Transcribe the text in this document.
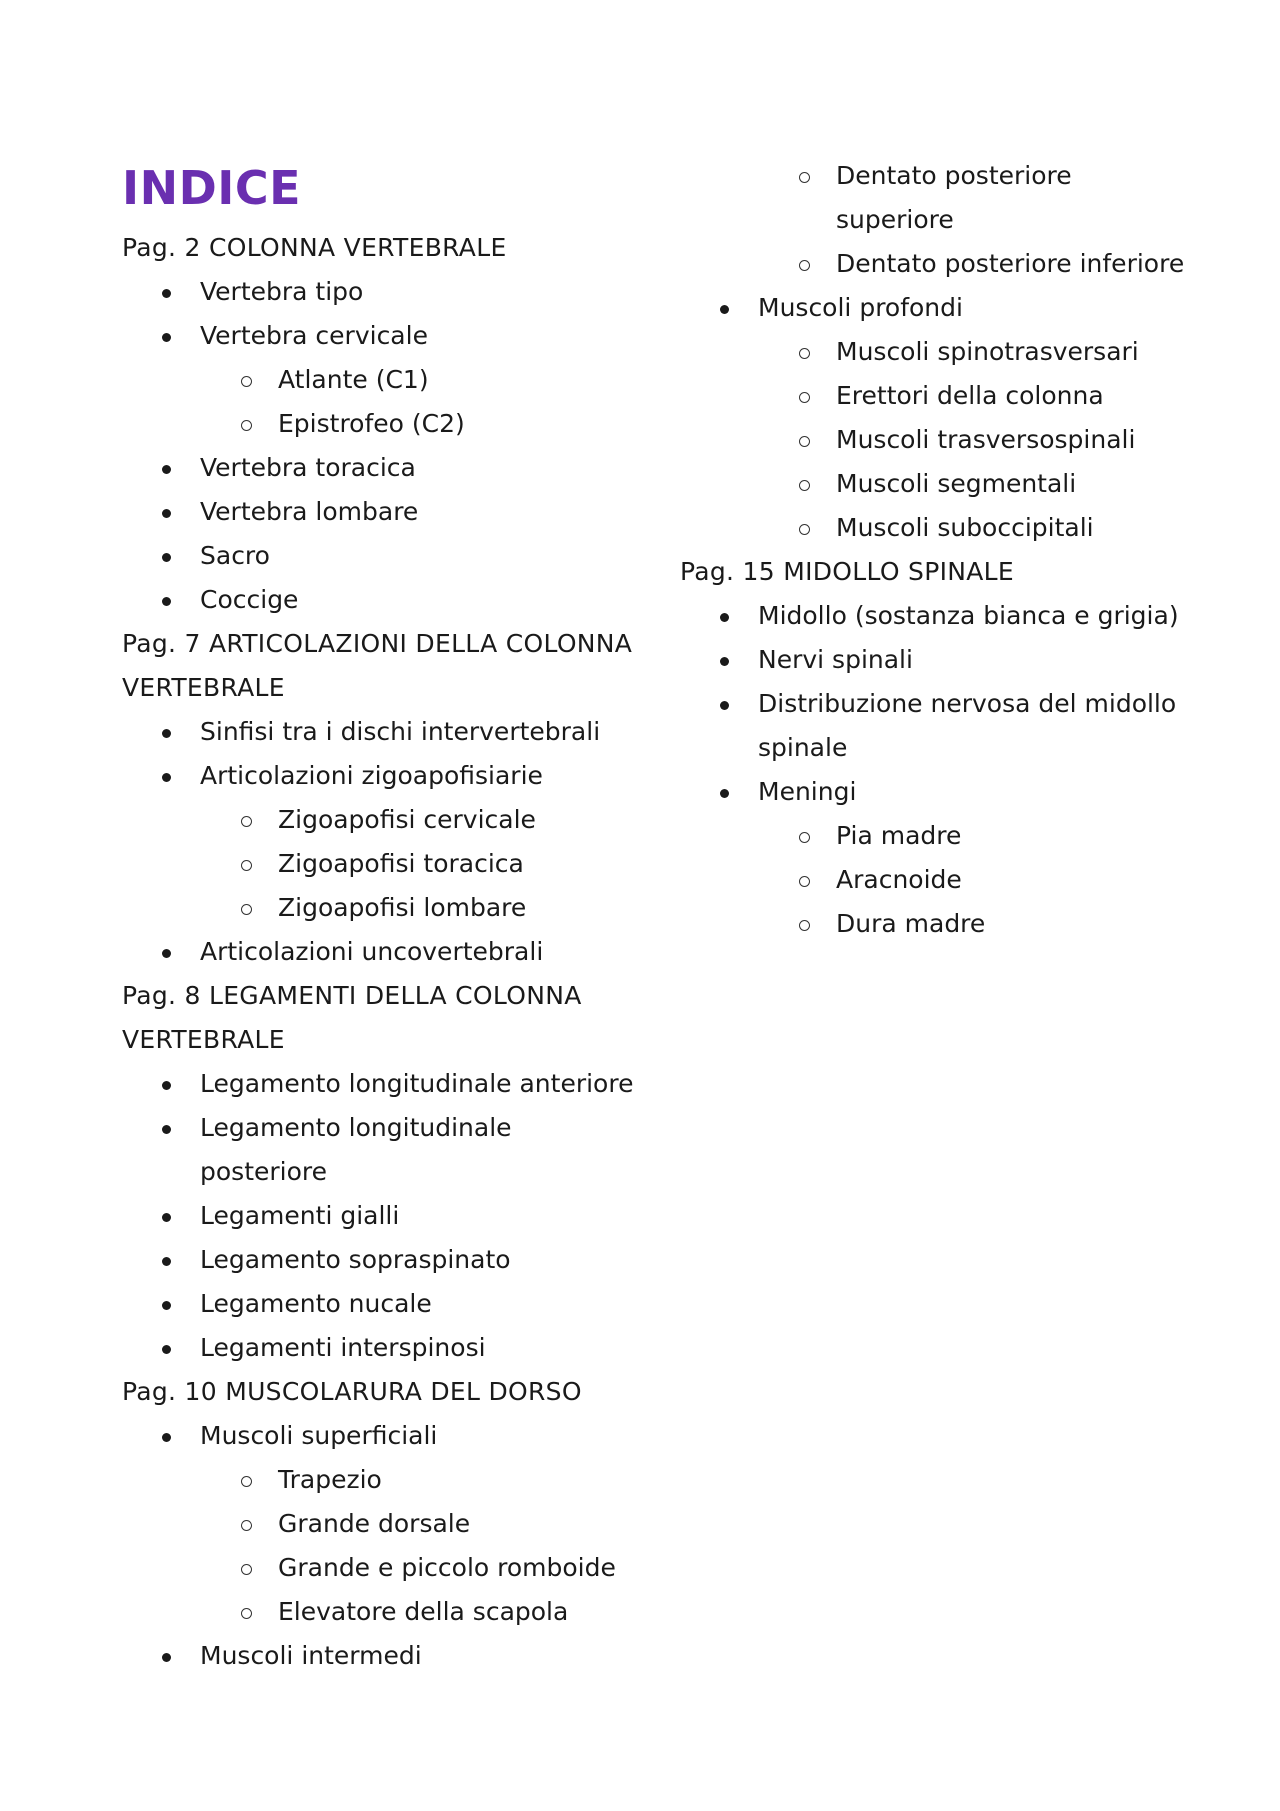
INDICE
Pag. 2 COLONNA VERTEBRALE
Vertebra tipo
Vertebra cervicale
Atlante (C1)
Epistrofeo (C2)
Vertebra toracica
Vertebra lombare
Sacro
Coccige
Pag. 7 ARTICOLAZIONI DELLA COLONNA
VERTEBRALE
Sinfisi tra i dischi intervertebrali
Articolazioni zigoapofisiarie
Zigoapofisi cervicale
Zigoapofisi toracica
Zigoapofisi lombare
Articolazioni uncovertebrali
Pag. 8 LEGAMENTI DELLA COLONNA
VERTEBRALE
Legamento longitudinale anteriore
Legamento longitudinale
posteriore
Legamenti gialli
Legamento sopraspinato
Legamento nucale
Legamenti interspinosi
Pag. 10 MUSCOLARURA DEL DORSO
Muscoli superficiali
Trapezio
Grande dorsale
Grande e piccolo romboide
Elevatore della scapola
Muscoli intermedi
Dentato posteriore
superiore
Dentato posteriore inferiore
Muscoli profondi
Muscoli spinotrasversari
Erettori della colonna
Muscoli trasversospinali
Muscoli segmentali
Muscoli suboccipitali
Pag. 15 MIDOLLO SPINALE
Midollo (sostanza bianca e grigia)
Nervi spinali
Distribuzione nervosa del midollo
spinale
Meningi
Pia madre
Aracnoide
Dura madre
